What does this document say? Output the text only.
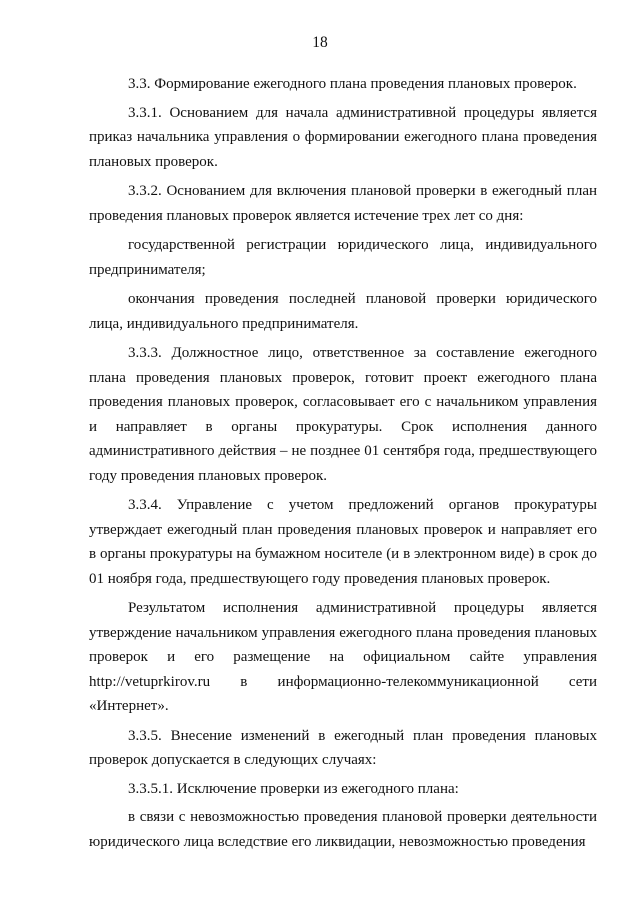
18

3.3. Формирование ежегодного плана проведения плановых проверок.

3.3.1. Основанием для начала административной процедуры является приказ начальника управления о формировании ежегодного плана проведения плановых проверок.

3.3.2. Основанием для включения плановой проверки в ежегодный план проведения плановых проверок является истечение трех лет со дня:

государственной регистрации юридического лица, индивидуального предпринимателя;

окончания проведения последней плановой проверки юридического лица, индивидуального предпринимателя.

3.3.3. Должностное лицо, ответственное за составление ежегодного плана проведения плановых проверок, готовит проект ежегодного плана проведения плановых проверок, согласовывает его с начальником управления и направляет в органы прокуратуры. Срок исполнения данного административного действия – не позднее 01 сентября года, предшествующего году проведения плановых проверок.

3.3.4. Управление с учетом предложений органов прокуратуры утверждает ежегодный план проведения плановых проверок и направляет его в органы прокуратуры на бумажном носителе (и в электронном виде) в срок до 01 ноября года, предшествующего году проведения плановых проверок.

Результатом исполнения административной процедуры является утверждение начальником управления ежегодного плана проведения плановых проверок и его размещение на официальном сайте управления http://vetuprkirov.ru в информационно-телекоммуникационной сети «Интернет».

3.3.5. Внесение изменений в ежегодный план проведения плановых проверок допускается в следующих случаях:

3.3.5.1. Исключение проверки из ежегодного плана:

в связи с невозможностью проведения плановой проверки деятельности юридического лица вследствие его ликвидации, невозможностью проведения
